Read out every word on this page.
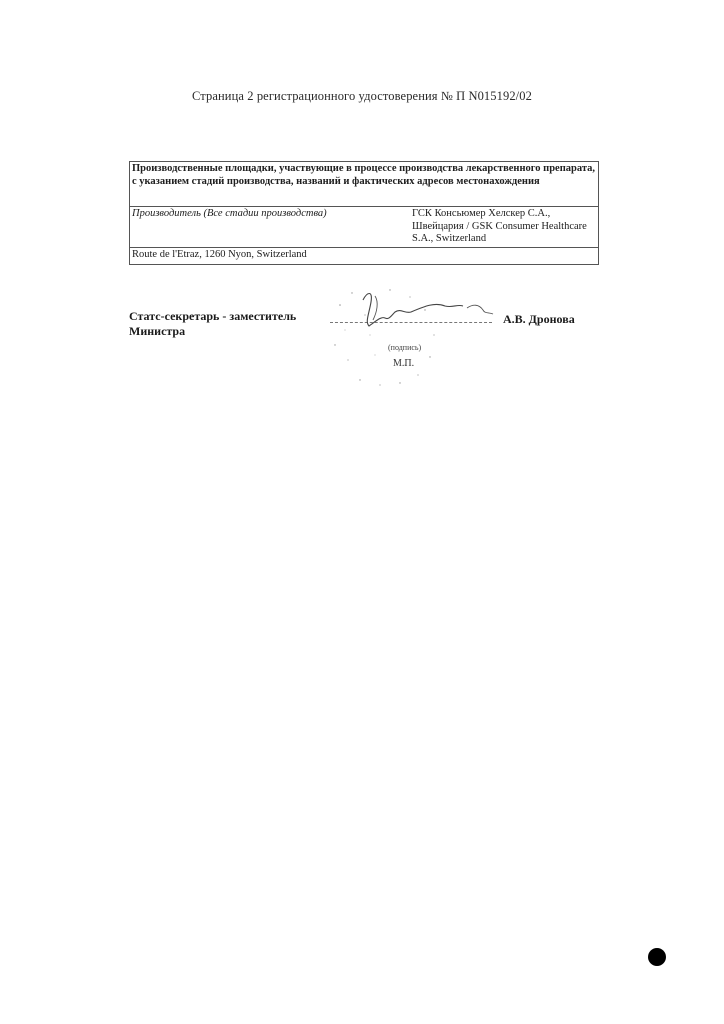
Страница 2 регистрационного удостоверения № П N015192/02
Производственные площадки, участвующие в процессе производства лекарственного препарата, с указанием стадий производства, названий и фактических адресов местонахождения
Производитель (Все стадии производства)	ГСК Консьюмер Хелскер С.А., Швейцария / GSK Consumer Healthcare S.A., Switzerland
Route de l'Etraz, 1260 Nyon, Switzerland
Статс-секретарь - заместитель Министра
А.В. Дронова
(подпись)
М.П.
